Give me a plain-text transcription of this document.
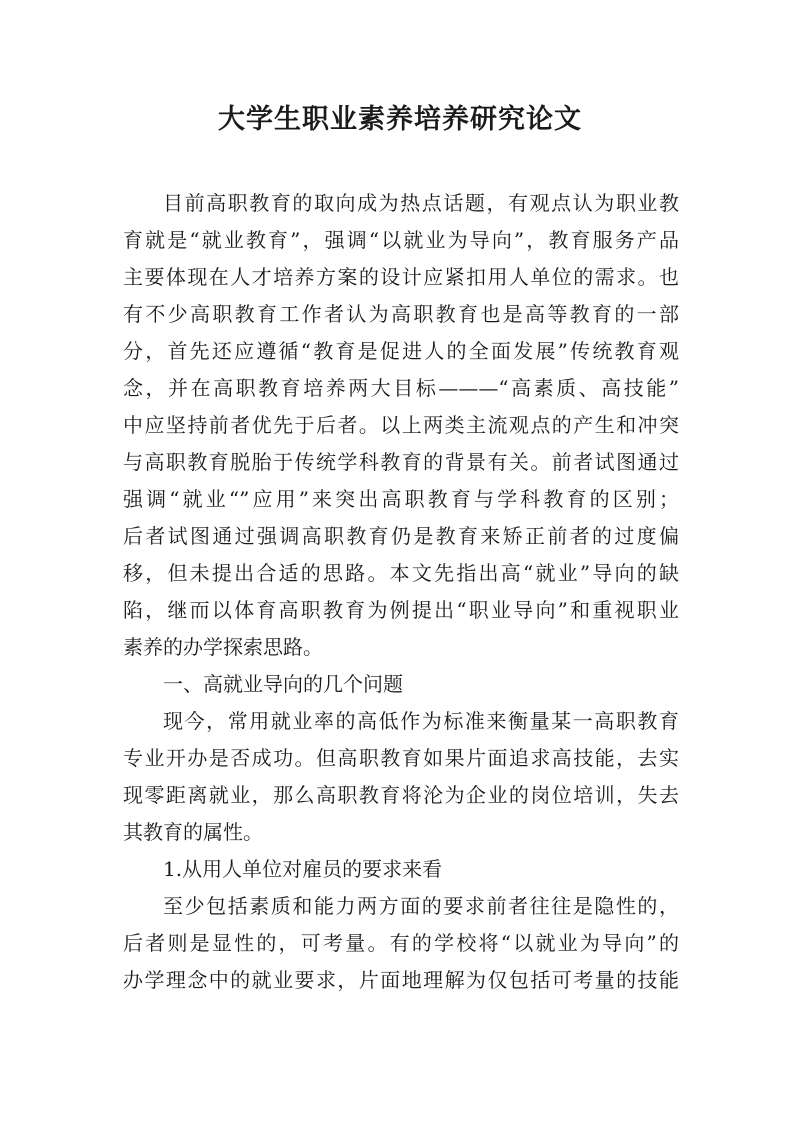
大学生职业素养培养研究论文
目前高职教育的取向成为热点话题，有观点认为职业教
育就是“就业教育”，强调“以就业为导向”，教育服务产品
主要体现在人才培养方案的设计应紧扣用人单位的需求。也
有不少高职教育工作者认为高职教育也是高等教育的一部
分，首先还应遵循“教育是促进人的全面发展”传统教育观
念，并在高职教育培养两大目标———“高素质、高技能”
中应坚持前者优先于后者。以上两类主流观点的产生和冲突
与高职教育脱胎于传统学科教育的背景有关。前者试图通过
强调“就业“”应用”来突出高职教育与学科教育的区别；
后者试图通过强调高职教育仍是教育来矫正前者的过度偏
移，但未提出合适的思路。本文先指出高“就业”导向的缺
陷，继而以体育高职教育为例提出“职业导向”和重视职业
素养的办学探索思路。
一、高就业导向的几个问题
现今，常用就业率的高低作为标准来衡量某一高职教育
专业开办是否成功。但高职教育如果片面追求高技能，去实
现零距离就业，那么高职教育将沦为企业的岗位培训，失去
其教育的属性。
1.从用人单位对雇员的要求来看
至少包括素质和能力两方面的要求前者往往是隐性的，
后者则是显性的，可考量。有的学校将“以就业为导向”的
办学理念中的就业要求，片面地理解为仅包括可考量的技能
